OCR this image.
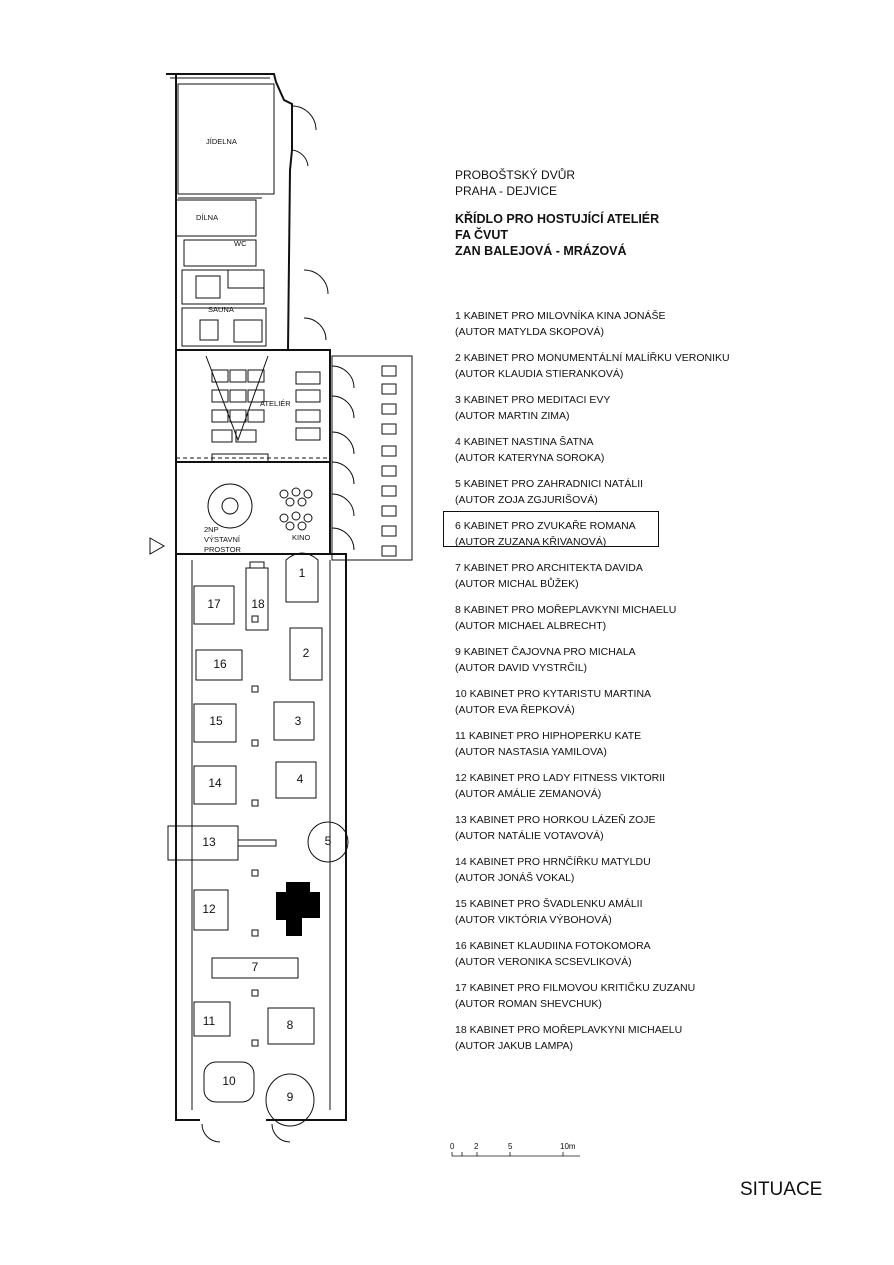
JÍDELNA
DÍLNA
WC
SAUNA
ATELIÉR
2NP
VÝSTAVNÍ
PROSTOR
KINO
1
2
3
4
5
7
8
9
10
11
12
13
14
15
16
17	18
PROBOŠTSKÝ DVŮR
PRAHA - DEJVICE
KŘÍDLO PRO HOSTUJÍCÍ ATELIÉR
FA ČVUT
ZAN BALEJOVÁ - MRÁZOVÁ
1 KABINET PRO MILOVNÍKA KINA JONÁŠE
(AUTOR MATYLDA SKOPOVÁ)
2 KABINET PRO MONUMENTÁLNÍ MALÍŘKU VERONIKU
(AUTOR KLAUDIA STIERANKOVÁ)
3 KABINET PRO MEDITACI EVY
(AUTOR MARTIN ZIMA)
4 KABINET NASTINA ŠATNA
(AUTOR KATERYNA SOROKA)
5 KABINET PRO ZAHRADNICI NATÁLII
(AUTOR ZOJA ZGJURIŠOVÁ)
6 KABINET PRO ZVUKAŘE ROMANA
(AUTOR ZUZANA KŘIVANOVÁ)
7 KABINET PRO ARCHITEKTA DAVIDA
(AUTOR MICHAL BŮŽEK)
8 KABINET PRO MOŘEPLAVKYNI MICHAELU
(AUTOR MICHAEL ALBRECHT)
9 KABINET ČAJOVNA PRO MICHALA
(AUTOR DAVID VYSTRČIL)
10 KABINET PRO KYTARISTU MARTINA
(AUTOR EVA ŘEPKOVÁ)
11 KABINET PRO HIPHOPERKU KATE
(AUTOR NASTASIA YAMILOVA)
12 KABINET PRO LADY FITNESS VIKTORII
(AUTOR AMÁLIE ZEMANOVÁ)
13 KABINET PRO HORKOU LÁZEŇ ZOJE
(AUTOR NATÁLIE VOTAVOVÁ)
14 KABINET PRO HRNČÍŘKU MATYLDU
(AUTOR JONÁŠ VOKAL)
15 KABINET PRO ŠVADLENKU AMÁLII
(AUTOR VIKTÓRIA VÝBOHOVÁ)
16 KABINET KLAUDIINA FOTOKOMORA
(AUTOR VERONIKA SCSEVLIKOVÁ)
17 KABINET PRO FILMOVOU KRITIČKU ZUZANU
(AUTOR ROMAN SHEVCHUK)
18 KABINET PRO MOŘEPLAVKYNI MICHAELU
(AUTOR JAKUB LAMPA)
0 2	5	10m
SITUACE
